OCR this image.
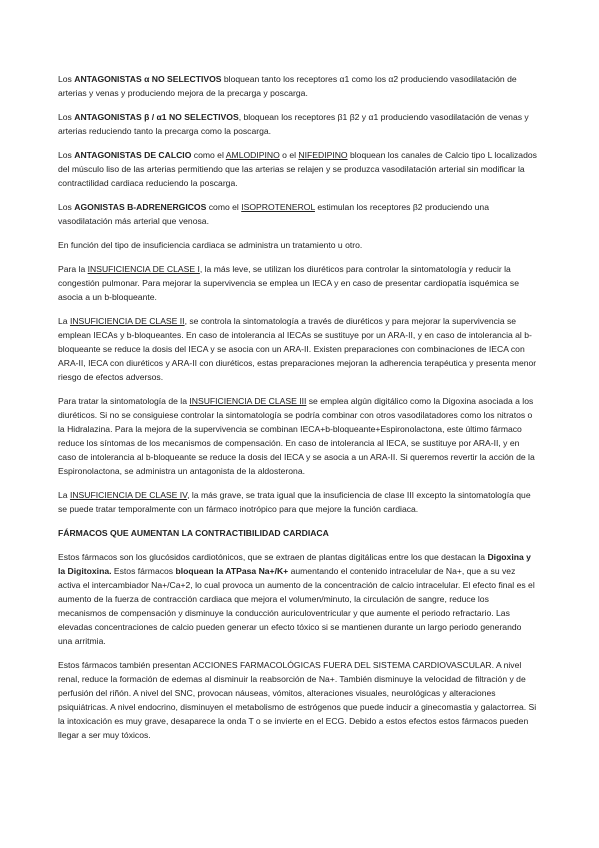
Los ANTAGONISTAS α NO SELECTIVOS bloquean tanto los receptores α1 como los α2 produciendo vasodilatación de arterias y venas y produciendo mejora de la precarga y poscarga.

Los ANTAGONISTAS β / α1 NO SELECTIVOS, bloquean los receptores β1 β2 y α1 produciendo vasodilatación de venas y arterias reduciendo tanto la precarga como la poscarga.

Los ANTAGONISTAS DE CALCIO como el AMLODIPINO o el NIFEDIPINO bloquean los canales de Calcio tipo L localizados del músculo liso de las arterias permitiendo que las arterias se relajen y se produzca vasodilatación arterial sin modificar la contractilidad cardiaca reduciendo la poscarga.

Los AGONISTAS B-ADRENERGICOS como el ISOPROTENEROL estimulan los receptores β2 produciendo una vasodilatación más arterial que venosa.

En función del tipo de insuficiencia cardiaca se administra un tratamiento u otro.

Para la INSUFICIENCIA DE CLASE I, la más leve, se utilizan los diuréticos para controlar la sintomatología y reducir la congestión pulmonar. Para mejorar la supervivencia se emplea un IECA y en caso de presentar cardiopatía isquémica se asocia a un b-bloqueante.

La INSUFICIENCIA DE CLASE II, se controla la sintomatología a través de diuréticos y para mejorar la supervivencia se emplean IECAs y b-bloqueantes. En caso de intolerancia al IECAs se sustituye por un ARA-II, y en caso de intolerancia al b-bloqueante se reduce la dosis del IECA y se asocia con un ARA-II. Existen preparaciones con combinaciones de IECA con ARA-II, IECA con diuréticos y ARA-II con diuréticos, estas preparaciones mejoran la adherencia terapéutica y presenta menor riesgo de efectos adversos.

Para tratar la sintomatología de la INSUFICIENCIA DE CLASE III se emplea algún digitálico como la Digoxina asociada a los diuréticos. Si no se consiguiese controlar la sintomatología se podría combinar con otros vasodilatadores como los nitratos o la Hidralazina. Para la mejora de la supervivencia se combinan IECA+b-bloqueante+Espironolactona, este último fármaco reduce los síntomas de los mecanismos de compensación. En caso de intolerancia al IECA, se sustituye por ARA-II, y en caso de intolerancia al b-bloqueante se reduce la dosis del IECA y se asocia a un ARA-II. Si queremos revertir la acción de la Espironolactona, se administra un antagonista de la aldosterona.

La INSUFICIENCIA DE CLASE IV, la más grave, se trata igual que la insuficiencia de clase III excepto la sintomatología que se puede tratar temporalmente con un fármaco inotrópico para que mejore la función cardiaca.

FÁRMACOS QUE AUMENTAN LA CONTRACTIBILIDAD CARDIACA

Estos fármacos son los glucósidos cardiotónicos, que se extraen de plantas digitálicas entre los que destacan la Digoxina y la Digitoxina. Estos fármacos bloquean la ATPasa Na+/K+ aumentando el contenido intracelular de Na+, que a su vez activa el intercambiador Na+/Ca+2, lo cual provoca un aumento de la concentración de calcio intracelular. El efecto final es el aumento de la fuerza de contracción cardiaca que mejora el volumen/minuto, la circulación de sangre, reduce los mecanismos de compensación y disminuye la conducción auriculoventricular y que aumente el periodo refractario. Las elevadas concentraciones de calcio pueden generar un efecto tóxico si se mantienen durante un largo periodo generando una arritmia.

Estos fármacos también presentan ACCIONES FARMACOLÓGICAS FUERA DEL SISTEMA CARDIOVASCULAR. A nivel renal, reduce la formación de edemas al disminuir la reabsorción de Na+. También disminuye la velocidad de filtración y de perfusión del riñón. A nivel del SNC, provocan náuseas, vómitos, alteraciones visuales, neurológicas y alteraciones psiquiátricas. A nivel endocrino, disminuyen el metabolismo de estrógenos que puede inducir a ginecomastia y galactorrea. Si la intoxicación es muy grave, desaparece la onda T o se invierte en el ECG. Debido a estos efectos estos fármacos pueden llegar a ser muy tóxicos.
